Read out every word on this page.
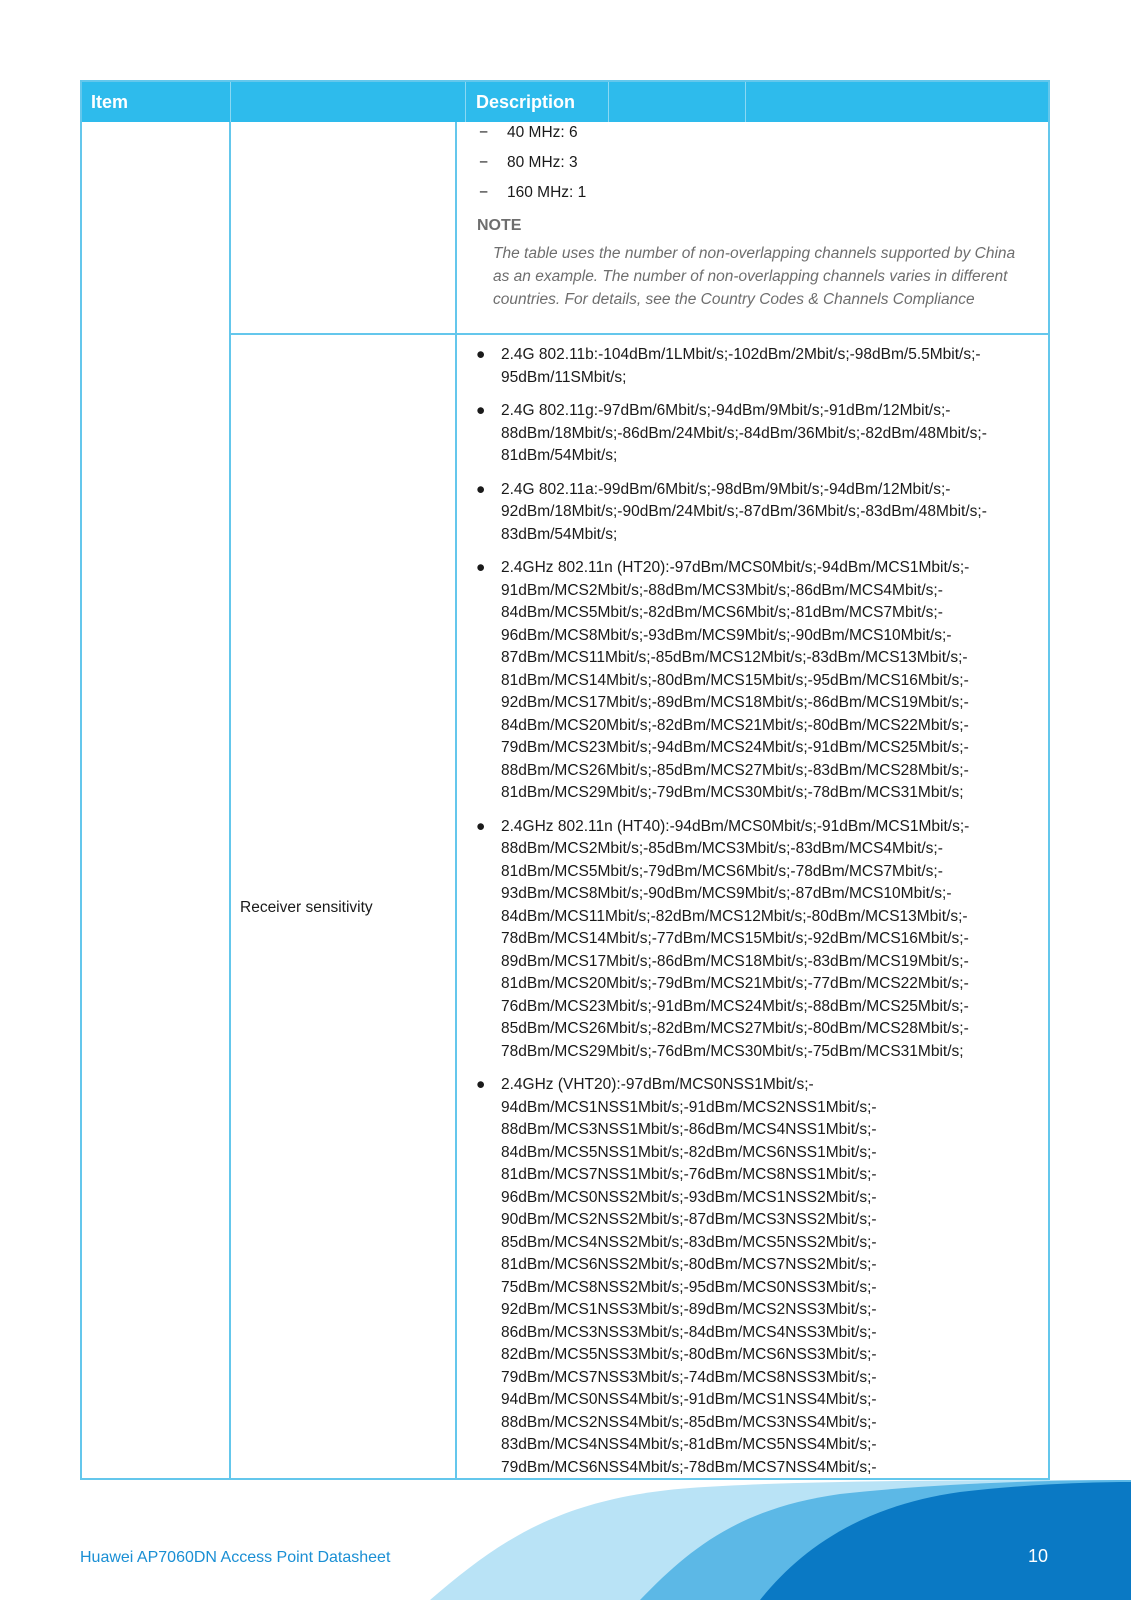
Item	Description
− 40 MHz: 6
− 80 MHz: 3
− 160 MHz: 1
NOTE
The table uses the number of non-overlapping channels supported by China as an example. The number of non-overlapping channels varies in different countries. For details, see the Country Codes & Channels Compliance
Receiver sensitivity
● 2.4G 802.11b:-104dBm/1LMbit/s;-102dBm/2Mbit/s;-98dBm/5.5Mbit/s;-
95dBm/11SMbit/s;
● 2.4G 802.11g:-97dBm/6Mbit/s;-94dBm/9Mbit/s;-91dBm/12Mbit/s;-
88dBm/18Mbit/s;-86dBm/24Mbit/s;-84dBm/36Mbit/s;-82dBm/48Mbit/s;-
81dBm/54Mbit/s;
● 2.4G 802.11a:-99dBm/6Mbit/s;-98dBm/9Mbit/s;-94dBm/12Mbit/s;-
92dBm/18Mbit/s;-90dBm/24Mbit/s;-87dBm/36Mbit/s;-83dBm/48Mbit/s;-
83dBm/54Mbit/s;
● 2.4GHz 802.11n (HT20):-97dBm/MCS0Mbit/s;-94dBm/MCS1Mbit/s;-
91dBm/MCS2Mbit/s;-88dBm/MCS3Mbit/s;-86dBm/MCS4Mbit/s;-
84dBm/MCS5Mbit/s;-82dBm/MCS6Mbit/s;-81dBm/MCS7Mbit/s;-
96dBm/MCS8Mbit/s;-93dBm/MCS9Mbit/s;-90dBm/MCS10Mbit/s;-
87dBm/MCS11Mbit/s;-85dBm/MCS12Mbit/s;-83dBm/MCS13Mbit/s;-
81dBm/MCS14Mbit/s;-80dBm/MCS15Mbit/s;-95dBm/MCS16Mbit/s;-
92dBm/MCS17Mbit/s;-89dBm/MCS18Mbit/s;-86dBm/MCS19Mbit/s;-
84dBm/MCS20Mbit/s;-82dBm/MCS21Mbit/s;-80dBm/MCS22Mbit/s;-
79dBm/MCS23Mbit/s;-94dBm/MCS24Mbit/s;-91dBm/MCS25Mbit/s;-
88dBm/MCS26Mbit/s;-85dBm/MCS27Mbit/s;-83dBm/MCS28Mbit/s;-
81dBm/MCS29Mbit/s;-79dBm/MCS30Mbit/s;-78dBm/MCS31Mbit/s;
● 2.4GHz 802.11n (HT40):-94dBm/MCS0Mbit/s;-91dBm/MCS1Mbit/s;-
88dBm/MCS2Mbit/s;-85dBm/MCS3Mbit/s;-83dBm/MCS4Mbit/s;-
81dBm/MCS5Mbit/s;-79dBm/MCS6Mbit/s;-78dBm/MCS7Mbit/s;-
93dBm/MCS8Mbit/s;-90dBm/MCS9Mbit/s;-87dBm/MCS10Mbit/s;-
84dBm/MCS11Mbit/s;-82dBm/MCS12Mbit/s;-80dBm/MCS13Mbit/s;-
78dBm/MCS14Mbit/s;-77dBm/MCS15Mbit/s;-92dBm/MCS16Mbit/s;-
89dBm/MCS17Mbit/s;-86dBm/MCS18Mbit/s;-83dBm/MCS19Mbit/s;-
81dBm/MCS20Mbit/s;-79dBm/MCS21Mbit/s;-77dBm/MCS22Mbit/s;-
76dBm/MCS23Mbit/s;-91dBm/MCS24Mbit/s;-88dBm/MCS25Mbit/s;-
85dBm/MCS26Mbit/s;-82dBm/MCS27Mbit/s;-80dBm/MCS28Mbit/s;-
78dBm/MCS29Mbit/s;-76dBm/MCS30Mbit/s;-75dBm/MCS31Mbit/s;
● 2.4GHz (VHT20):-97dBm/MCS0NSS1Mbit/s;-
94dBm/MCS1NSS1Mbit/s;-91dBm/MCS2NSS1Mbit/s;-
88dBm/MCS3NSS1Mbit/s;-86dBm/MCS4NSS1Mbit/s;-
84dBm/MCS5NSS1Mbit/s;-82dBm/MCS6NSS1Mbit/s;-
81dBm/MCS7NSS1Mbit/s;-76dBm/MCS8NSS1Mbit/s;-
96dBm/MCS0NSS2Mbit/s;-93dBm/MCS1NSS2Mbit/s;-
90dBm/MCS2NSS2Mbit/s;-87dBm/MCS3NSS2Mbit/s;-
85dBm/MCS4NSS2Mbit/s;-83dBm/MCS5NSS2Mbit/s;-
81dBm/MCS6NSS2Mbit/s;-80dBm/MCS7NSS2Mbit/s;-
75dBm/MCS8NSS2Mbit/s;-95dBm/MCS0NSS3Mbit/s;-
92dBm/MCS1NSS3Mbit/s;-89dBm/MCS2NSS3Mbit/s;-
86dBm/MCS3NSS3Mbit/s;-84dBm/MCS4NSS3Mbit/s;-
82dBm/MCS5NSS3Mbit/s;-80dBm/MCS6NSS3Mbit/s;-
79dBm/MCS7NSS3Mbit/s;-74dBm/MCS8NSS3Mbit/s;-
94dBm/MCS0NSS4Mbit/s;-91dBm/MCS1NSS4Mbit/s;-
88dBm/MCS2NSS4Mbit/s;-85dBm/MCS3NSS4Mbit/s;-
83dBm/MCS4NSS4Mbit/s;-81dBm/MCS5NSS4Mbit/s;-
79dBm/MCS6NSS4Mbit/s;-78dBm/MCS7NSS4Mbit/s;-
Huawei AP7060DN Access Point Datasheet	10
